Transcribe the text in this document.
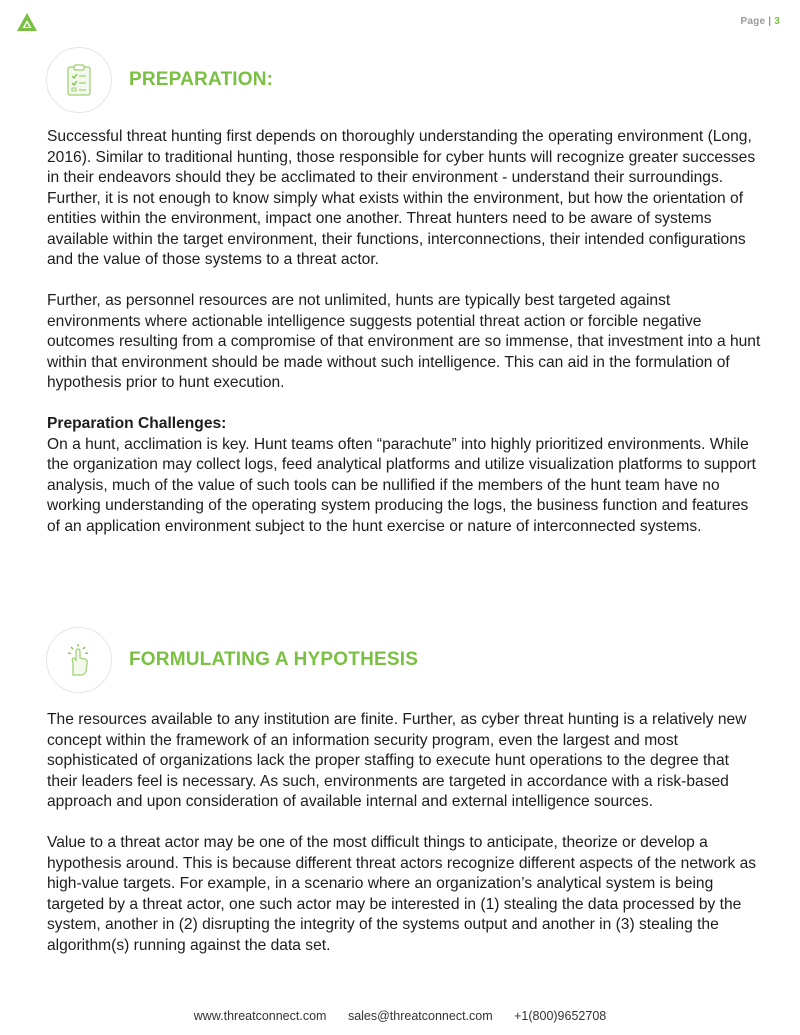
Page | 3
PREPARATION:

Successful threat hunting first depends on thoroughly understanding the operating environment (Long, 2016). Similar to traditional hunting, those responsible for cyber hunts will recognize greater successes in their endeavors should they be acclimated to their environment - understand their surroundings. Further, it is not enough to know simply what exists within the environment, but how the orientation of entities within the environment, impact one another. Threat hunters need to be aware of systems available within the target environment, their functions, interconnections, their intended configurations and the value of those systems to a threat actor.

Further, as personnel resources are not unlimited, hunts are typically best targeted against environments where actionable intelligence suggests potential threat action or forcible negative outcomes resulting from a compromise of that environment are so immense, that investment into a hunt within that environment should be made without such intelligence. This can aid in the formulation of hypothesis prior to hunt execution.

Preparation Challenges:

On a hunt, acclimation is key. Hunt teams often “parachute” into highly prioritized environments. While the organization may collect logs, feed analytical platforms and utilize visualization platforms to support analysis, much of the value of such tools can be nullified if the members of the hunt team have no working understanding of the operating system producing the logs, the business function and features of an application environment subject to the hunt exercise or nature of interconnected systems.

FORMULATING A HYPOTHESIS

The resources available to any institution are finite. Further, as cyber threat hunting is a relatively new concept within the framework of an information security program, even the largest and most sophisticated of organizations lack the proper staffing to execute hunt operations to the degree that their leaders feel is necessary. As such, environments are targeted in accordance with a risk-based approach and upon consideration of available internal and external intelligence sources.

Value to a threat actor may be one of the most difficult things to anticipate, theorize or develop a hypothesis around. This is because different threat actors recognize different aspects of the network as high-value targets. For example, in a scenario where an organization’s analytical system is being targeted by a threat actor, one such actor may be interested in (1) stealing the data processed by the system, another in (2) disrupting the integrity of the systems output and another in (3) stealing the algorithm(s) running against the data set.

www.threatconnect.com sales@threatconnect.com +1(800)9652708
